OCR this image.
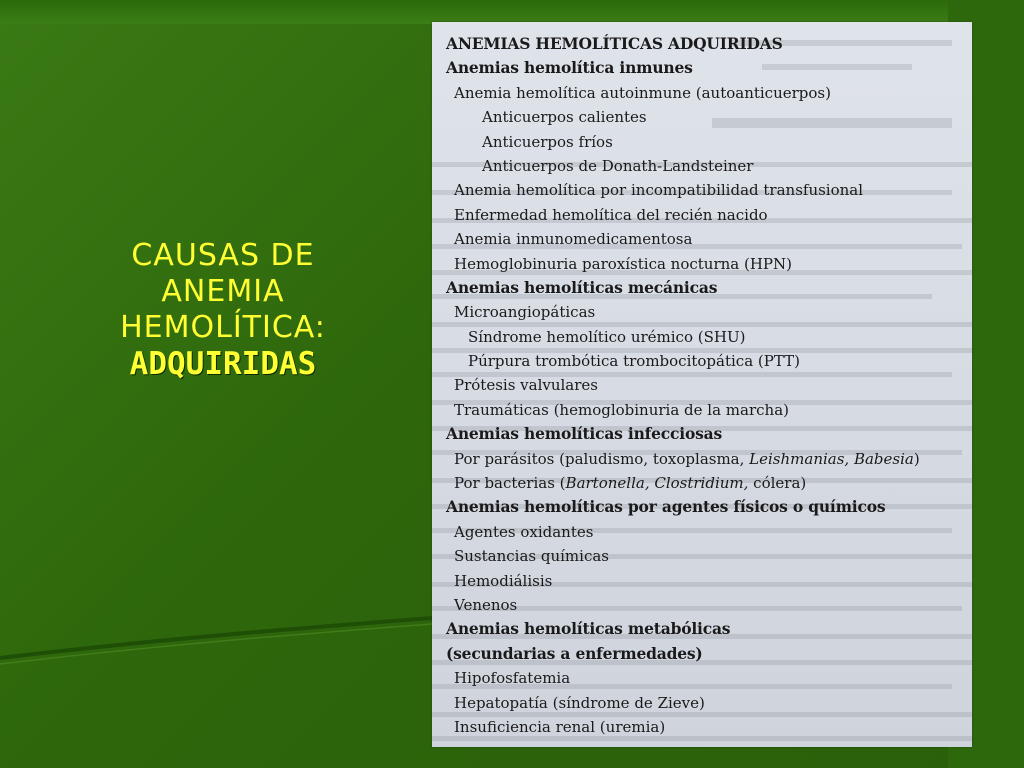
CAUSAS DE
ANEMIA
HEMOLÍTICA:
ADQUIRIDAS
ANEMIAS HEMOLÍTICAS ADQUIRIDAS
Anemias hemolítica inmunes
Anemia hemolítica autoinmune (autoanticuerpos)
Anticuerpos calientes
Anticuerpos fríos
Anticuerpos de Donath-Landsteiner
Anemia hemolítica por incompatibilidad transfusional
Enfermedad hemolítica del recién nacido
Anemia inmunomedicamentosa
Hemoglobinuria paroxística nocturna (HPN)
Anemias hemolíticas mecánicas
Microangiopáticas
Síndrome hemolítico urémico (SHU)
Púrpura trombótica trombocitopática (PTT)
Prótesis valvulares
Traumáticas (hemoglobinuria de la marcha)
Anemias hemolíticas infecciosas
Por parásitos (paludismo, toxoplasma, Leishmanias, Babesia)
Por bacterias (Bartonella, Clostridium, cólera)
Anemias hemolíticas por agentes físicos o químicos
Agentes oxidantes
Sustancias químicas
Hemodiálisis
Venenos
Anemias hemolíticas metabólicas
(secundarias a enfermedades)
Hipofosfatemia
Hepatopatía (síndrome de Zieve)
Insuficiencia renal (uremia)
